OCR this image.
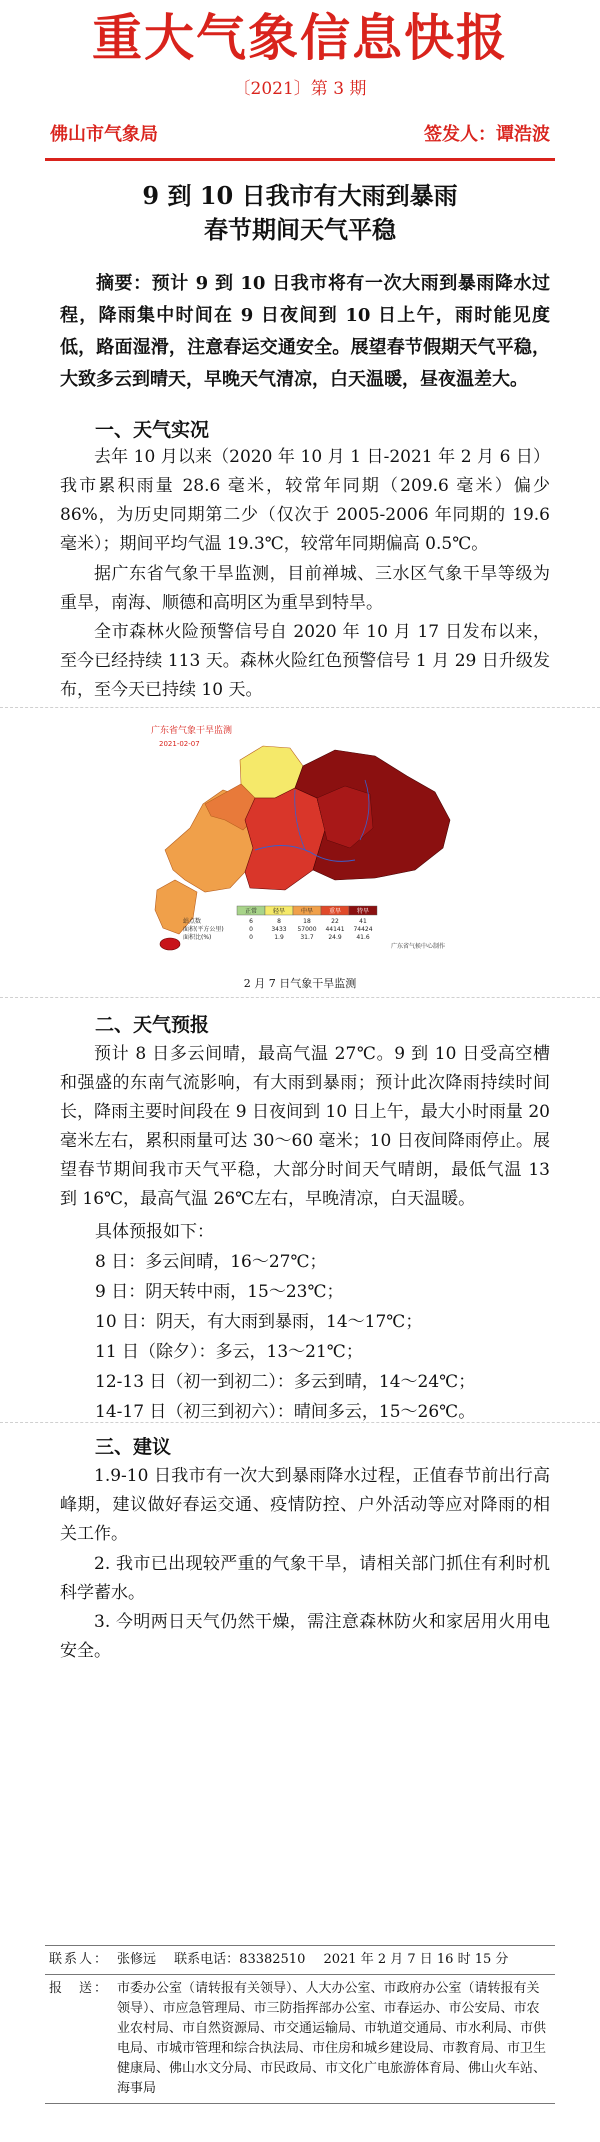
重大气象信息快报
〔2021〕第 3 期
佛山市气象局	签发人：谭浩波
9 到 10 日我市有大雨到暴雨
春节期间天气平稳

摘要：预计 9 到 10 日我市将有一次大雨到暴雨降水过程，降雨集中时间在 9 日夜间到 10 日上午，雨时能见度低，路面湿滑，注意春运交通安全。展望春节假期天气平稳，大致多云到晴天，早晚天气清凉，白天温暖，昼夜温差大。

一、天气实况

去年 10 月以来（2020 年 10 月 1 日-2021 年 2 月 6 日）我市累积雨量 28.6 毫米，较常年同期（209.6 毫米）偏少 86%，为历史同期第二少（仅次于 2005-2006 年同期的 19.6 毫米）；期间平均气温 19.3℃，较常年同期偏高 0.5℃。

据广东省气象干旱监测，目前禅城、三水区气象干旱等级为重旱，南海、顺德和高明区为重旱到特旱。

全市森林火险预警信号自 2020 年 10 月 17 日发布以来，至今已经持续 113 天。森林火险红色预警信号 1 月 29 日升级发布，至今天已持续 10 天。

广东省气象干旱监测
2021-02-07
正常	轻旱	中旱	重旱	特旱
站点数	6	8	18	22	41
面积(平方公里)	0	3433 57000 44141 74424
面积比(%)	0	1.9	31.7 24.9 41.6
广东省气候中心制作
2 月 7 日气象干旱监测
二、天气预报

预计 8 日多云间晴，最高气温 27℃。9 到 10 日受高空槽和强盛的东南气流影响，有大雨到暴雨；预计此次降雨持续时间长，降雨主要时间段在 9 日夜间到 10 日上午，最大小时雨量 20 毫米左右，累积雨量可达 30～60 毫米；10 日夜间降雨停止。展望春节期间我市天气平稳，大部分时间天气晴朗，最低气温 13 到 16℃，最高气温 26℃左右，早晚清凉，白天温暖。

具体预报如下：
8 日：多云间晴，16～27℃；
9 日：阴天转中雨，15～23℃；
10 日：阴天，有大雨到暴雨，14～17℃；
11 日（除夕）：多云，13～21℃；
12-13 日（初一到初二）：多云到晴，14～24℃；
14-17 日（初三到初六）：晴间多云，15～26℃。
三、建议

1.9-10 日我市有一次大到暴雨降水过程，正值春节前出行高峰期，建议做好春运交通、疫情防控、户外活动等应对降雨的相关工作。

2. 我市已出现较严重的气象干旱，请相关部门抓住有利时机科学蓄水。

3. 今明两日天气仍然干燥，需注意森林防火和家居用火用电安全。

联系人：	张修远 联系电话：83382510 2021 年 2 月 7 日 16 时 15 分
报　送：	市委办公室（请转报有关领导）、人大办公室、市政府办公室（请转报有关领导）、市应急管理局、市三防指挥部办公室、市春运办、市公安局、市农业农村局、市自然资源局、市交通运输局、市轨道交通局、市水利局、市供电局、市城市管理和综合执法局、市住房和城乡建设局、市教育局、市卫生健康局、佛山水文分局、市民政局、市文化广电旅游体育局、佛山火车站、海事局
